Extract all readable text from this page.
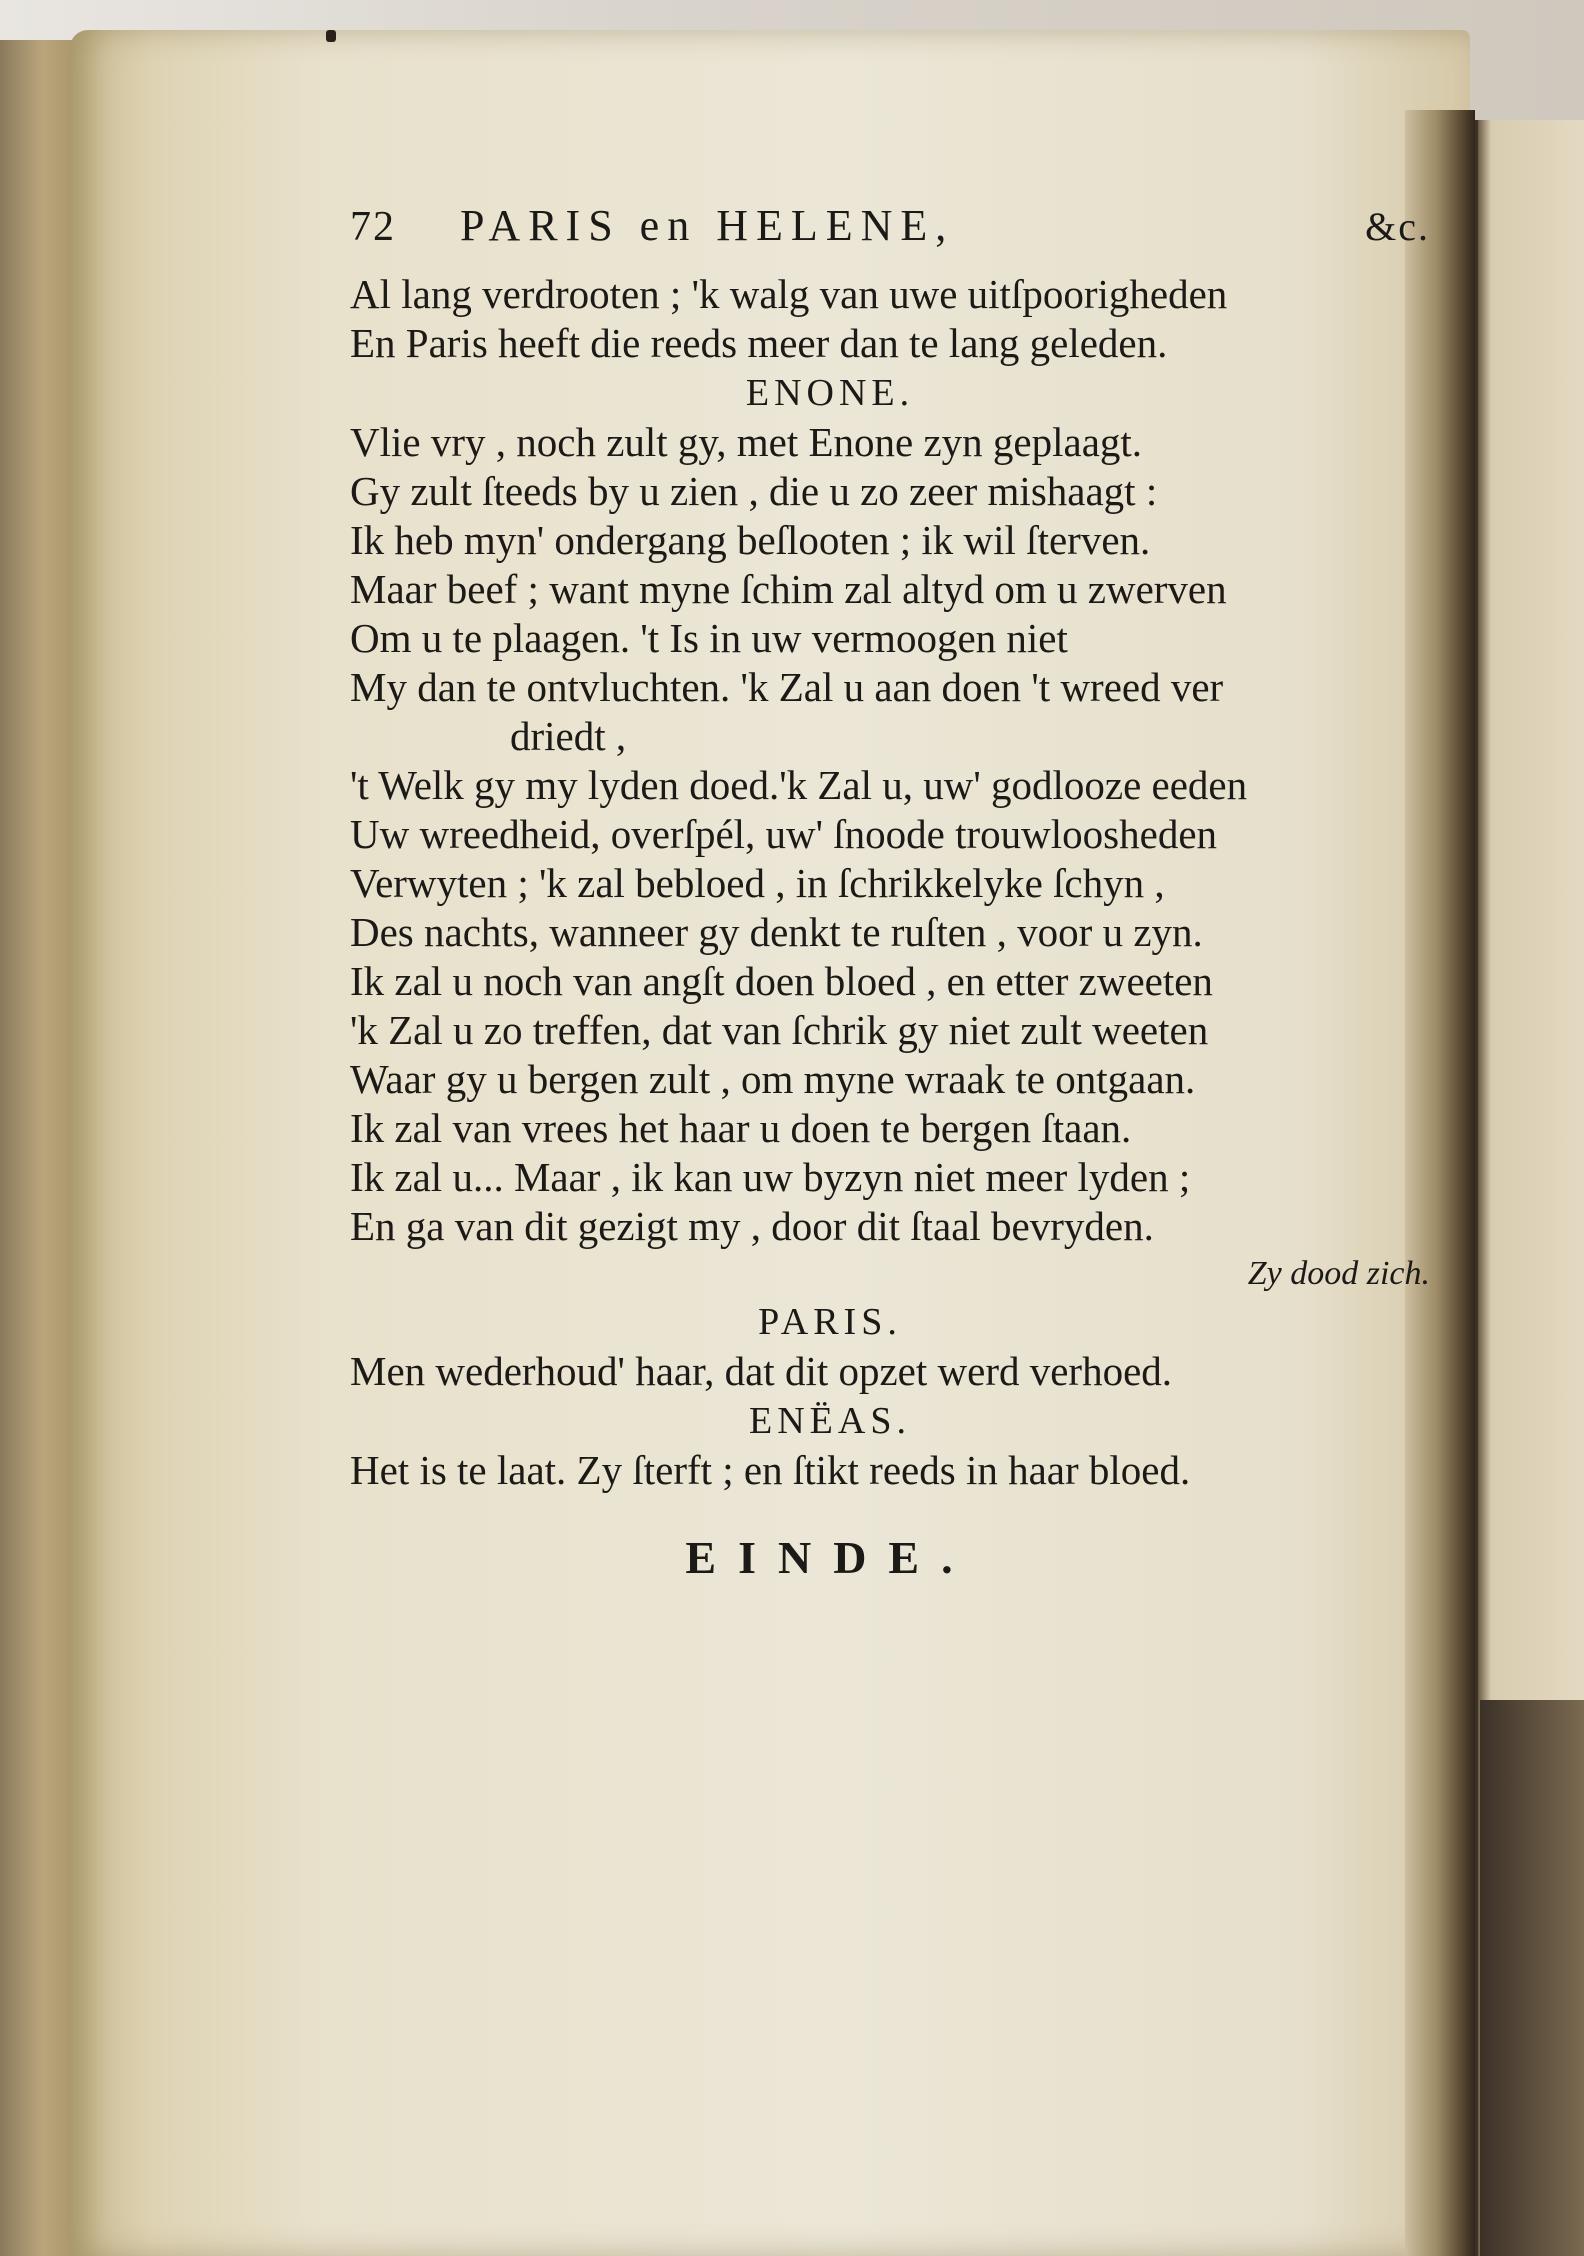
72	PARIS en HELENE,	&c.
Al lang verdrooten ; 'k walg van uwe uitſpoorigheden
En Paris heeft die reeds meer dan te lang geleden.
ENONE.
Vlie vry , noch zult gy, met Enone zyn geplaagt.
Gy zult ſteeds by u zien , die u zo zeer mishaagt :
Ik heb myn' ondergang beſlooten ; ik wil ſterven.
Maar beef ; want myne ſchim zal altyd om u zwerven
Om u te plaagen. 't Is in uw vermoogen niet
My dan te ontvluchten. 'k Zal u aan doen 't wreed ver
driedt ,
't Welk gy my lyden doed.'k Zal u, uw' godlooze eeden
Uw wreedheid, overſpél, uw' ſnoode trouwloosheden
Verwyten ; 'k zal bebloed , in ſchrikkelyke ſchyn ,
Des nachts, wanneer gy denkt te ruſten , voor u zyn.
Ik zal u noch van angſt doen bloed , en etter zweeten
'k Zal u zo treffen, dat van ſchrik gy niet zult weeten
Waar gy u bergen zult , om myne wraak te ontgaan.
Ik zal van vrees het haar u doen te bergen ſtaan.
Ik zal u... Maar , ik kan uw byzyn niet meer lyden ;
En ga van dit gezigt my , door dit ſtaal bevryden.
Zy dood zich.
PARIS.
Men wederhoud' haar, dat dit opzet werd verhoed.
ENËAS.
Het is te laat. Zy ſterft ; en ſtikt reeds in haar bloed.
EINDE.
